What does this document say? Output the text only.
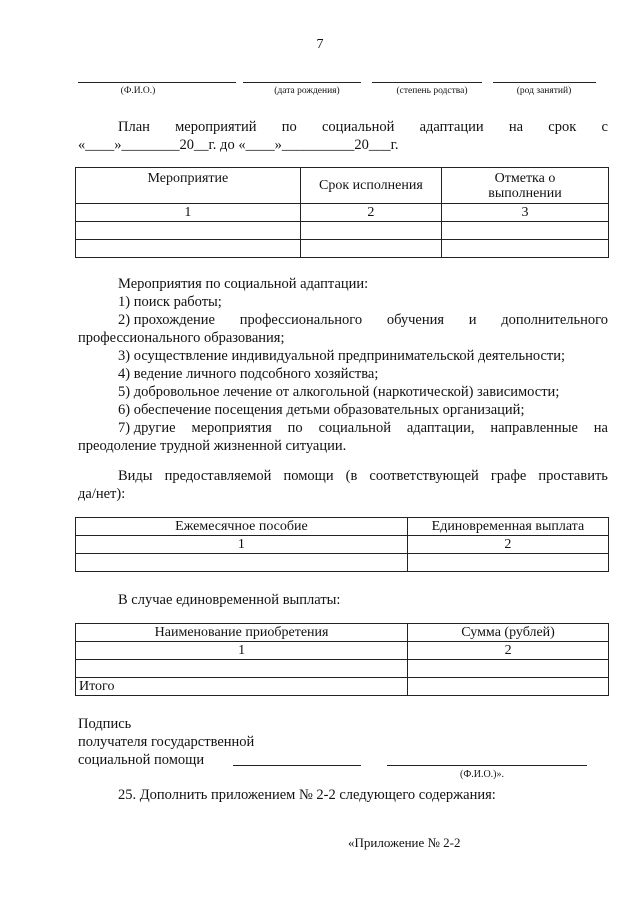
7
(Ф.И.О.)	(дата рождения)	(степень родства)	(род занятий)
План мероприятий по социальной адаптации на срок с
«____»________20__г. до «____»__________20___г.
Мероприятие	Срок исполнения	Отметка о выполнении
1	2	3

Мероприятия по социальной адаптации:
1) поиск работы;
2) прохождение профессионального обучения и дополнительного
профессионального образования;
3) осуществление индивидуальной предпринимательской деятельности;
4) ведение личного подсобного хозяйства;
5) добровольное лечение от алкогольной (наркотической) зависимости;
6) обеспечение посещения детьми образовательных организаций;
7) другие мероприятия по социальной адаптации, направленные на
преодоление трудной жизненной ситуации.
Виды предоставляемой помощи (в соответствующей графе проставить
да/нет):
Ежемесячное пособие	Единовременная выплата
1	2

В случае единовременной выплаты:
Наименование приобретения	Сумма (рублей)
1	2

Итого	
Подпись
получателя государственной
социальной помощи
(Ф.И.О.)».
25. Дополнить приложением № 2-2 следующего содержания:
«Приложение № 2-2
